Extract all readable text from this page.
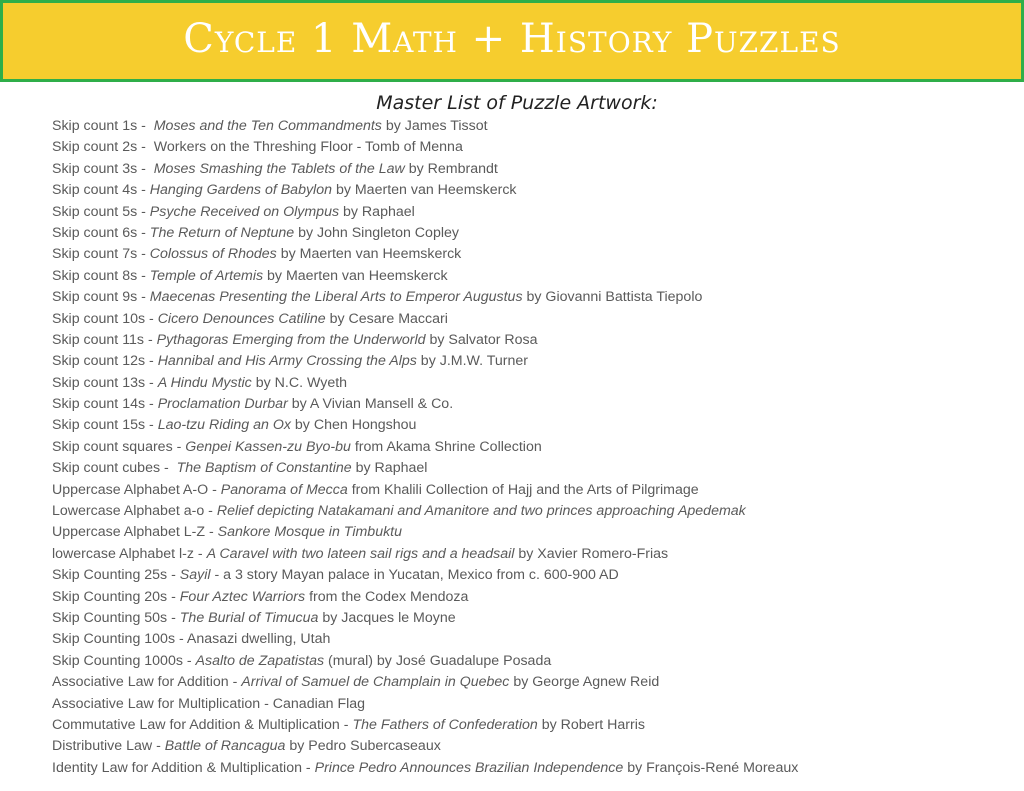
Cycle 1 Math + History Puzzles
Master List of Puzzle Artwork:
Skip count 1s -  Moses and the Ten Commandments by James Tissot
Skip count 2s -  Workers on the Threshing Floor - Tomb of Menna
Skip count 3s -  Moses Smashing the Tablets of the Law by Rembrandt
Skip count 4s - Hanging Gardens of Babylon by Maerten van Heemskerck
Skip count 5s - Psyche Received on Olympus by Raphael
Skip count 6s - The Return of Neptune by John Singleton Copley
Skip count 7s - Colossus of Rhodes by Maerten van Heemskerck
Skip count 8s - Temple of Artemis by Maerten van Heemskerck
Skip count 9s - Maecenas Presenting the Liberal Arts to Emperor Augustus by Giovanni Battista Tiepolo
Skip count 10s - Cicero Denounces Catiline by Cesare Maccari
Skip count 11s - Pythagoras Emerging from the Underworld by Salvator Rosa
Skip count 12s - Hannibal and His Army Crossing the Alps by J.M.W. Turner
Skip count 13s - A Hindu Mystic by N.C. Wyeth
Skip count 14s - Proclamation Durbar by A Vivian Mansell & Co.
Skip count 15s - Lao-tzu Riding an Ox by Chen Hongshou
Skip count squares - Genpei Kassen-zu Byo-bu from Akama Shrine Collection
Skip count cubes -  The Baptism of Constantine by Raphael
Uppercase Alphabet A-O - Panorama of Mecca from Khalili Collection of Hajj and the Arts of Pilgrimage
Lowercase Alphabet a-o - Relief depicting Natakamani and Amanitore and two princes approaching Apedemak
Uppercase Alphabet L-Z - Sankore Mosque in Timbuktu
lowercase Alphabet l-z - A Caravel with two lateen sail rigs and a headsail by Xavier Romero-Frias
Skip Counting 25s - Sayil - a 3 story Mayan palace in Yucatan, Mexico from c. 600-900 AD
Skip Counting 20s - Four Aztec Warriors from the Codex Mendoza
Skip Counting 50s - The Burial of Timucua by Jacques le Moyne
Skip Counting 100s - Anasazi dwelling, Utah
Skip Counting 1000s - Asalto de Zapatistas (mural) by José Guadalupe Posada
Associative Law for Addition - Arrival of Samuel de Champlain in Quebec by George Agnew Reid
Associative Law for Multiplication - Canadian Flag
Commutative Law for Addition & Multiplication - The Fathers of Confederation by Robert Harris
Distributive Law - Battle of Rancagua by Pedro Subercaseaux
Identity Law for Addition & Multiplication - Prince Pedro Announces Brazilian Independence by François-René Moreaux
